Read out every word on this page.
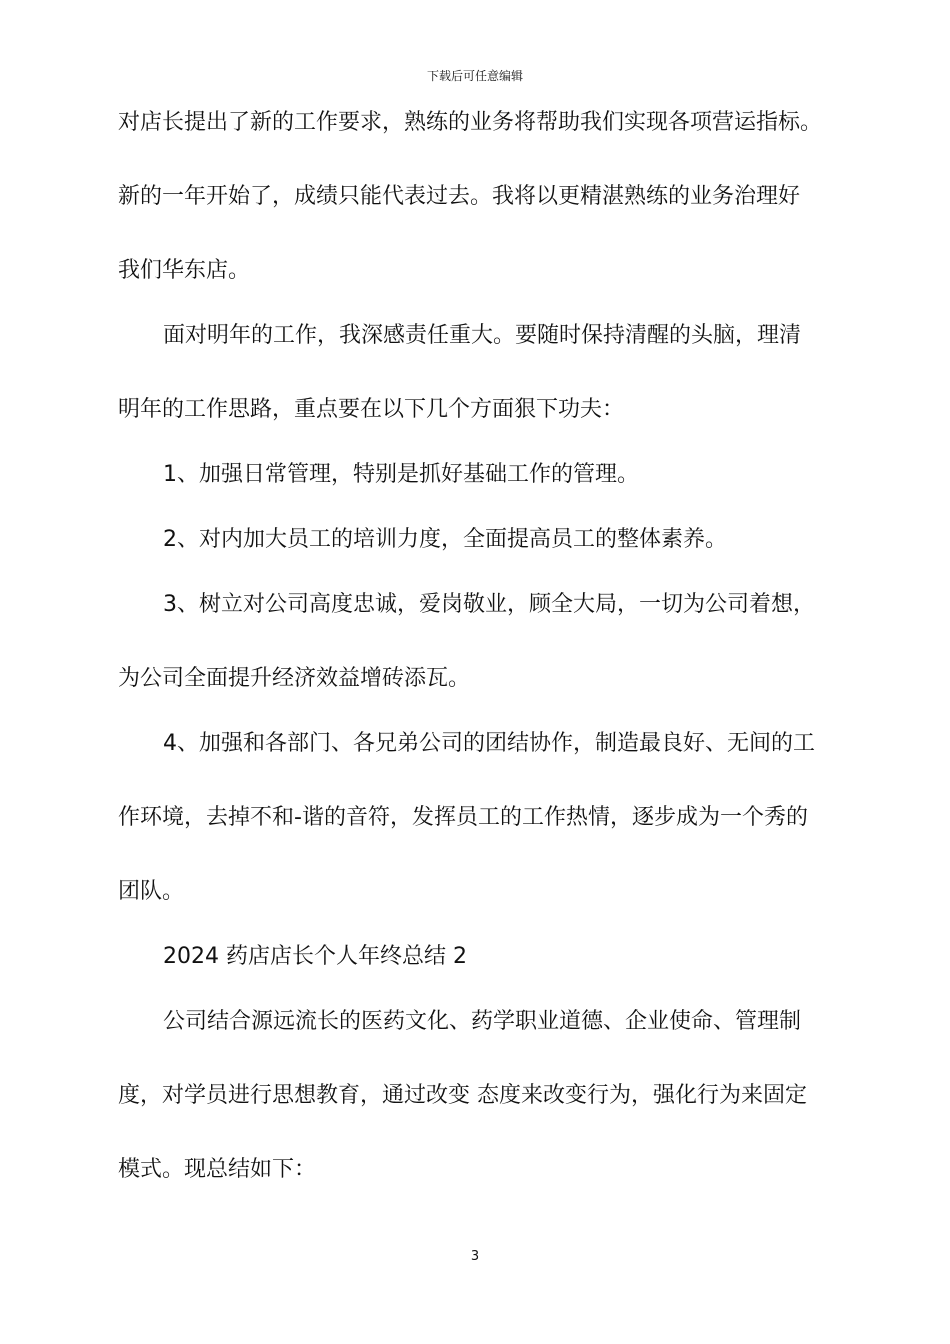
下载后可任意编辑
对店长提出了新的工作要求，熟练的业务将帮助我们实现各项营运指标。
新的一年开始了，成绩只能代表过去。我将以更精湛熟练的业务治理好
我们华东店。
面对明年的工作，我深感责任重大。要随时保持清醒的头脑，理清
明年的工作思路，重点要在以下几个方面狠下功夫：
1、加强日常管理，特别是抓好基础工作的管理。
2、对内加大员工的培训力度，全面提高员工的整体素养。
3、树立对公司高度忠诚，爱岗敬业，顾全大局，一切为公司着想，
为公司全面提升经济效益增砖添瓦。
4、加强和各部门、各兄弟公司的团结协作，制造最良好、无间的工
作环境，去掉不和-谐的音符，发挥员工的工作热情，逐步成为一个秀的
团队。
2024 药店店长个人年终总结 2
公司结合源远流长的医药文化、药学职业道德、企业使命、管理制
度，对学员进行思想教育，通过改变 态度来改变行为，强化行为来固定
模式。现总结如下：
3
